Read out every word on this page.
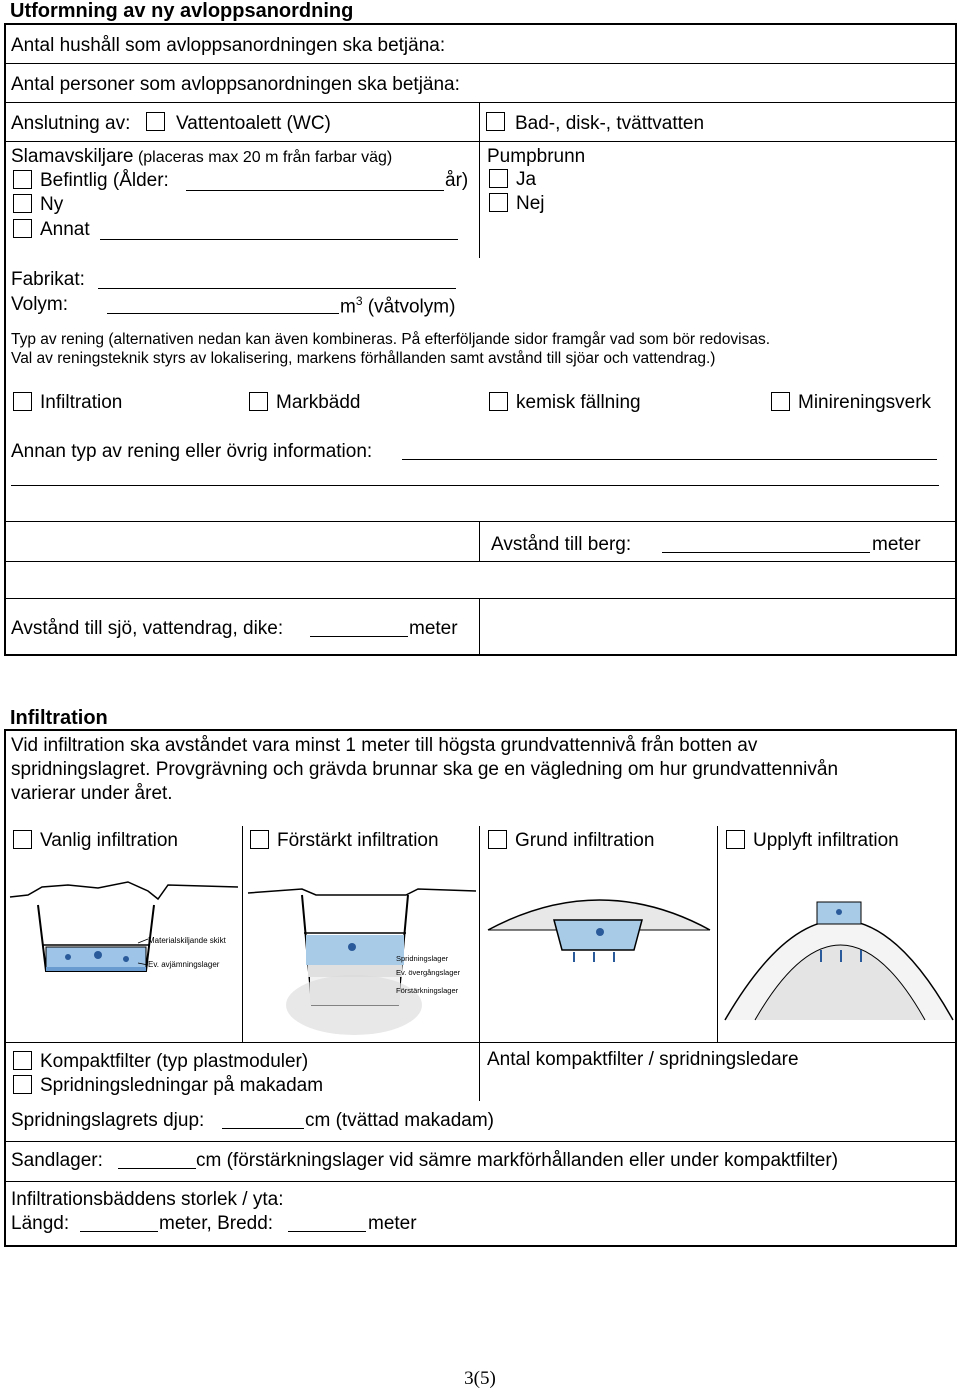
Utformning av ny avloppsanordning
Antal hushåll som avloppsanordningen ska betjäna:
Antal personer som avloppsanordningen ska betjäna:
Anslutning av: Vattentoalett (WC)	Bad-, disk-, tvättvatten
Slamavskiljare (placeras max 20 m från farbar väg)
Befintlig (Ålder:	år)
Ny
Annat
Pumpbrunn
Ja
Nej
Fabrikat:
Volym:	$m^3$ (våtvolym)
Typ av rening (alternativen nedan kan även kombineras. På efterföljande sidor framgår vad som bör redovisas.
Val av reningsteknik styrs av lokalisering, markens förhållanden samt avstånd till sjöar och vattendrag.)
Infiltration	Markbädd	kemisk fällning	Minireningsverk
Annan typ av rening eller övrig information:
Avstånd till berg:	meter
Avstånd till sjö, vattendrag, dike:	meter
Infiltration
Vid infiltration ska avståndet vara minst 1 meter till högsta grundvattennivå från botten av
spridningslagret. Provgrävning och grävda brunnar ska ge en vägledning om hur grundvattennivån
varierar under året.
Vanlig infiltration	Förstärkt infiltration	Grund infiltration	Upplyft infiltration
Materialskiljande skikt
Ev. avjämningslager
Spridningslager
Ev. övergångslager
Förstärkningslager
Kompaktfilter (typ plastmoduler)
Spridningsledningar på makadam
Antal kompaktfilter / spridningsledare
Spridningslagrets djup:	cm (tvättad makadam)
Sandlager:	cm (förstärkningslager vid sämre markförhållanden eller under kompaktfilter)
Infiltrationsbäddens storlek / yta:
Längd:	meter, Bredd:	meter
3(5)
